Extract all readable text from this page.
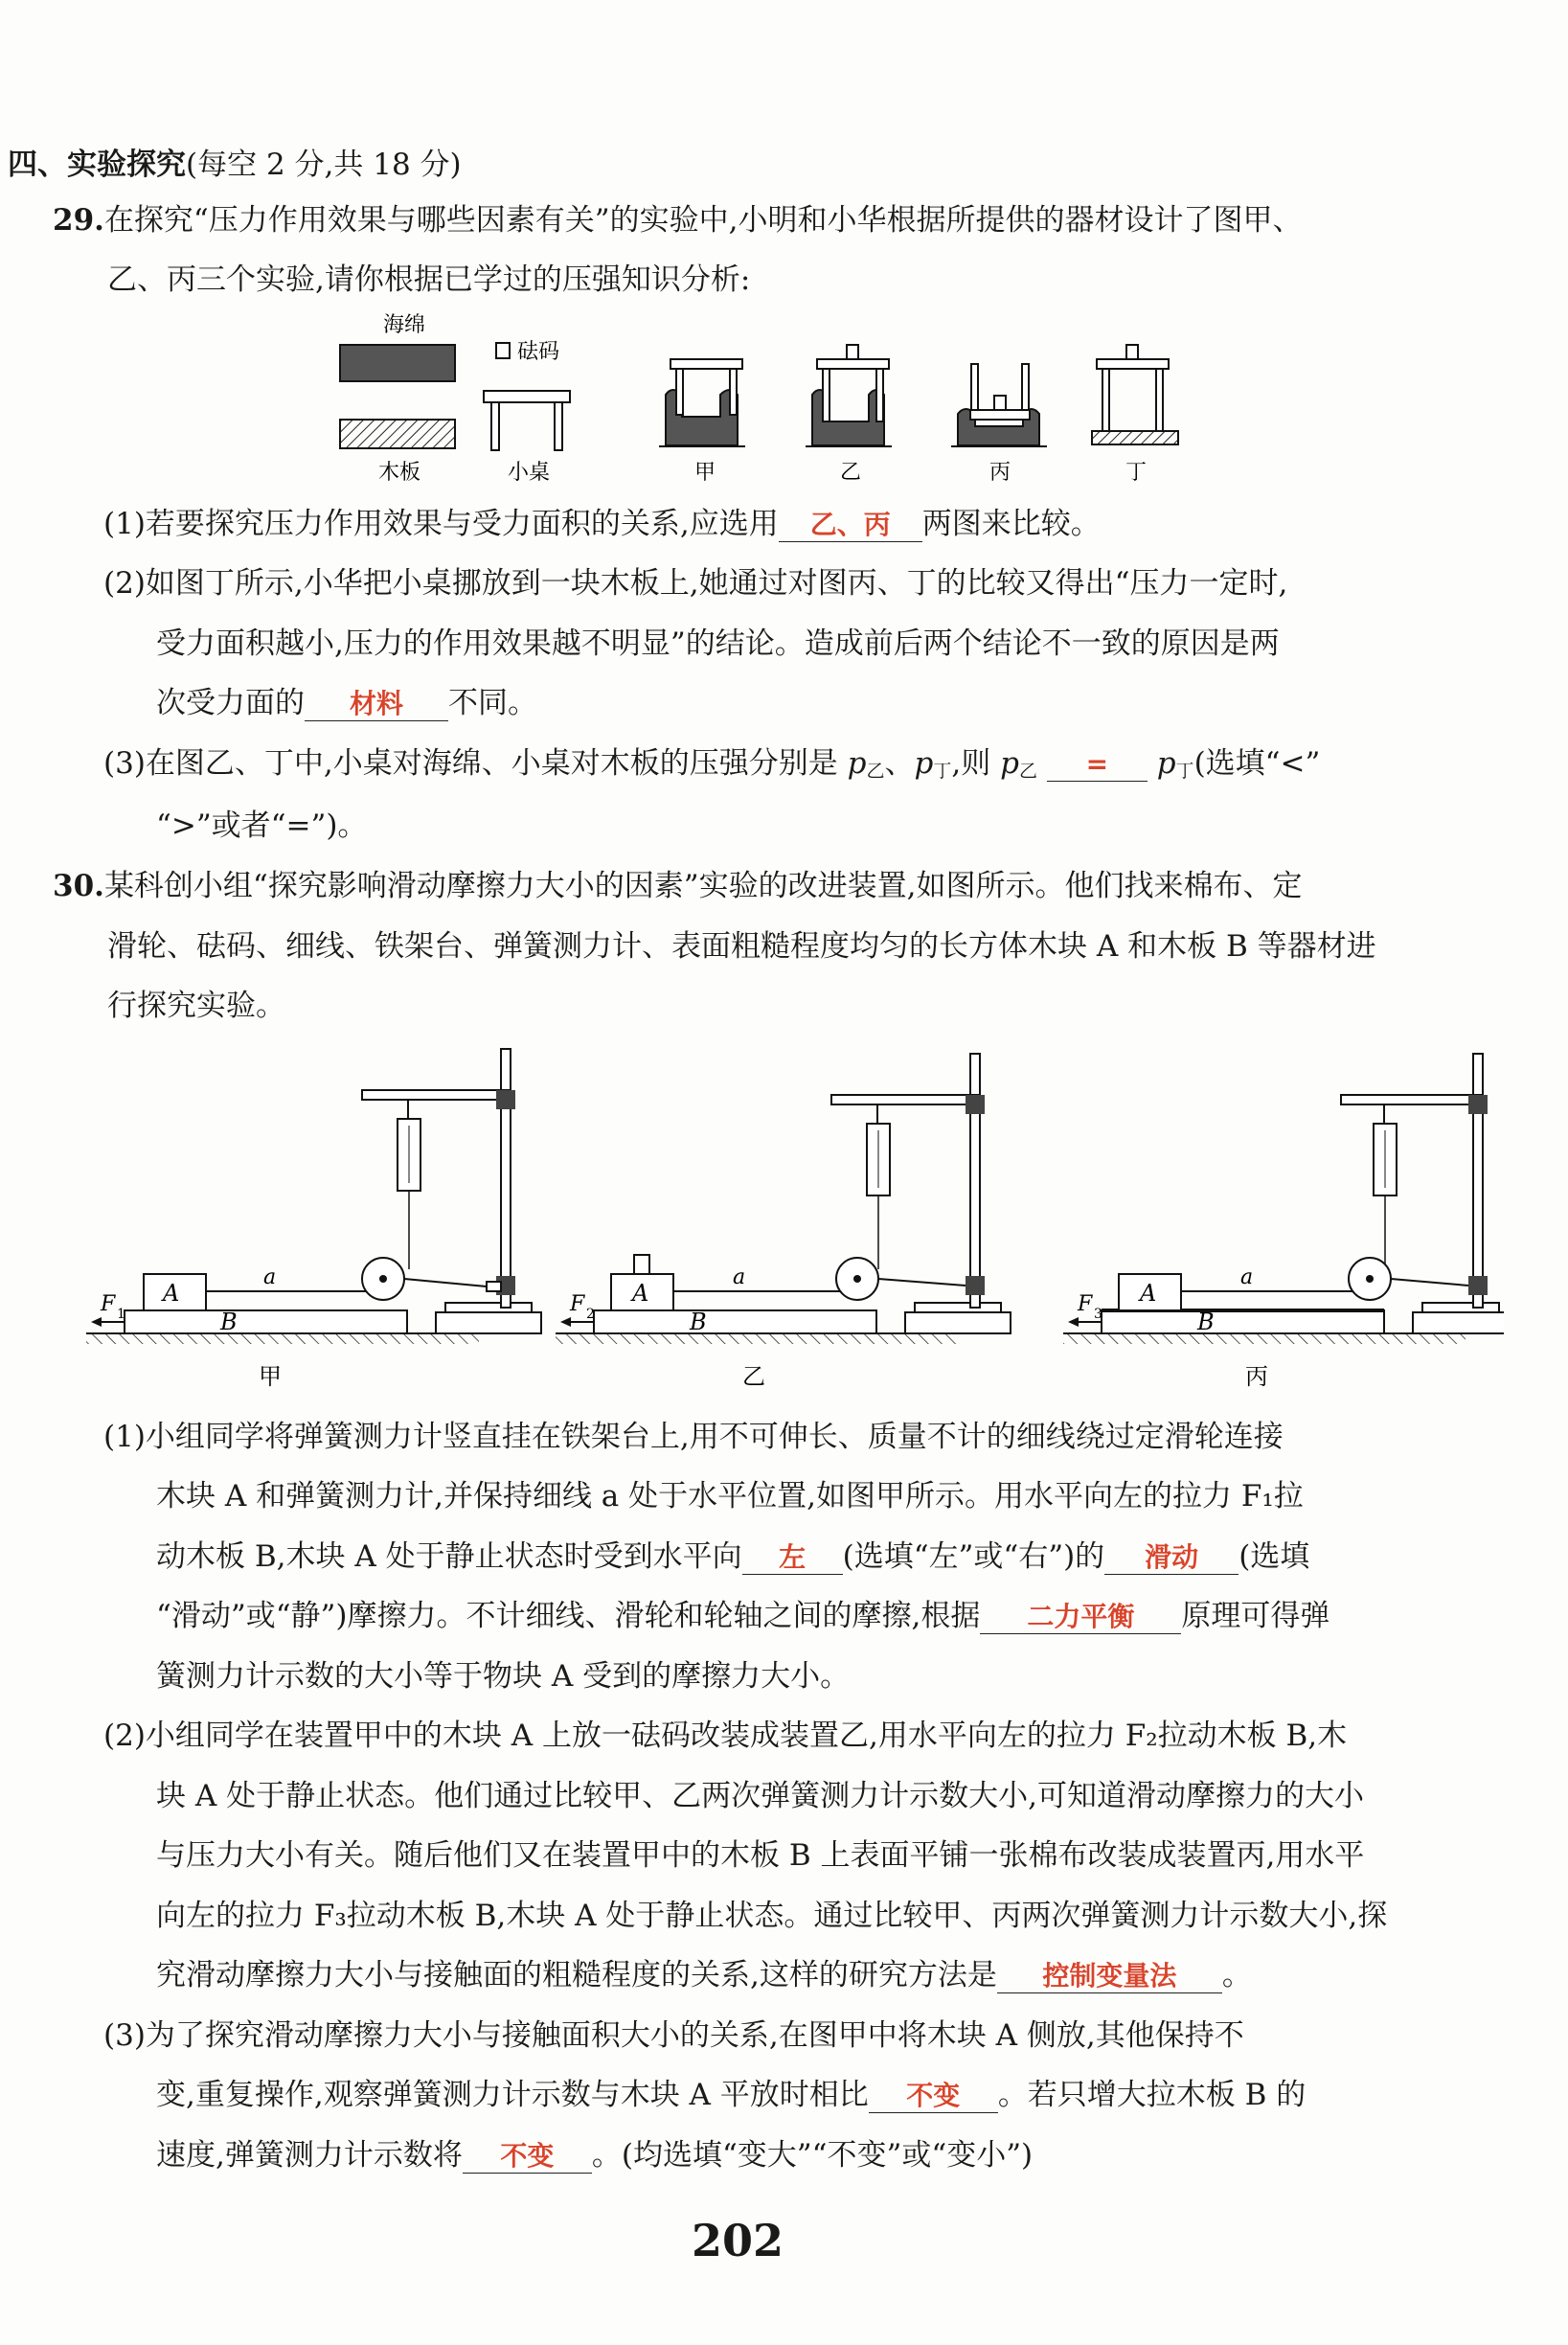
四、实验探究(每空 2 分,共 18 分)
29.在探究“压力作用效果与哪些因素有关”的实验中,小明和小华根据所提供的器材设计了图甲、
乙、丙三个实验,请你根据已学过的压强知识分析:
海绵
木板
砝码
小桌	甲	乙	丙	丁
(1)若要探究压力作用效果与受力面积的关系,应选用 乙、丙 两图来比较。
(2)如图丁所示,小华把小桌挪放到一块木板上,她通过对图丙、丁的比较又得出“压力一定时,
受力面积越小,压力的作用效果越不明显”的结论。造成前后两个结论不一致的原因是两
次受力面的 材料 不同。
(3)在图乙、丁中,小桌对海绵、小桌对木板的压强分别是 $p_乙$、$p_丁$,则 $p_乙 = p_丁$(选填“<”
“>”或者“=”)。
30.某科创小组“探究影响滑动摩擦力大小的因素”实验的改进装置,如图所示。他们找来棉布、定
滑轮、砝码、细线、铁架台、弹簧测力计、表面粗糙程度均匀的长方体木块 A 和木板 B 等器材进
行探究实验。
A
B
a
F 1
甲
A
B
a
F 2
乙
A
B
a
F 3
丙
(1)小组同学将弹簧测力计竖直挂在铁架台上,用不可伸长、质量不计的细线绕过定滑轮连接
木块 A 和弹簧测力计,并保持细线 a 处于水平位置,如图甲所示。用水平向左的拉力 F₁拉
动木板 B,木块 A 处于静止状态时受到水平向 左 (选填“左”或“右”)的 滑动 (选填
“滑动”或“静”)摩擦力。不计细线、滑轮和轮轴之间的摩擦,根据 二力平衡 原理可得弹
簧测力计示数的大小等于物块 A 受到的摩擦力大小。
(2)小组同学在装置甲中的木块 A 上放一砝码改装成装置乙,用水平向左的拉力 F₂拉动木板 B,木
块 A 处于静止状态。他们通过比较甲、乙两次弹簧测力计示数大小,可知道滑动摩擦力的大小
与压力大小有关。随后他们又在装置甲中的木板 B 上表面平铺一张棉布改装成装置丙,用水平
向左的拉力 F₃拉动木板 B,木块 A 处于静止状态。通过比较甲、丙两次弹簧测力计示数大小,探
究滑动摩擦力大小与接触面的粗糙程度的关系,这样的研究方法是 控制变量法 。
(3)为了探究滑动摩擦力大小与接触面积大小的关系,在图甲中将木块 A 侧放,其他保持不
变,重复操作,观察弹簧测力计示数与木块 A 平放时相比 不变 。若只增大拉木板 B 的
速度,弹簧测力计示数将 不变 。(均选填“变大”“不变”或“变小”)
202
